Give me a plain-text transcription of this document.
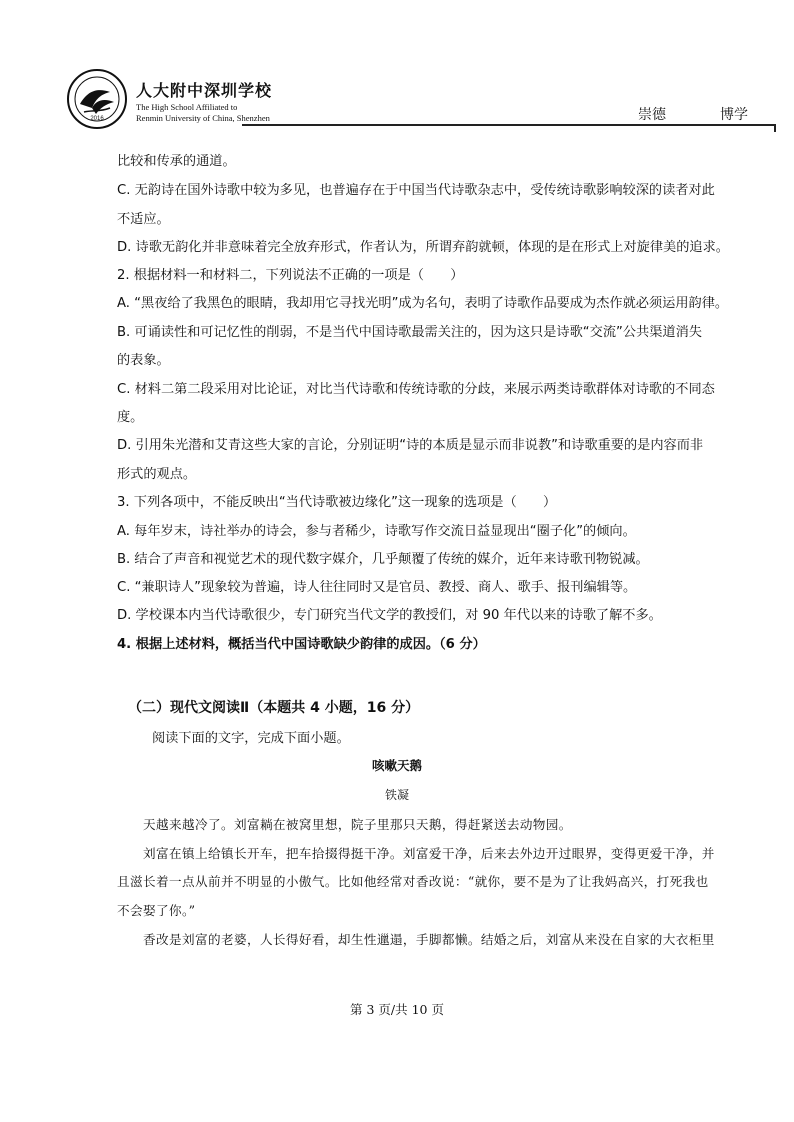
2016
人大附中深圳学校
The High School Affiliated to
Renmin University of China, Shenzhen	崇德	博学
比较和传承的通道。
C. 无韵诗在国外诗歌中较为多见，也普遍存在于中国当代诗歌杂志中，受传统诗歌影响较深的读者对此
不适应。
D. 诗歌无韵化并非意味着完全放弃形式，作者认为，所谓弃韵就顿，体现的是在形式上对旋律美的追求。
2. 根据材料一和材料二，下列说法不正确的一项是（　　）
A. “黑夜给了我黑色的眼睛，我却用它寻找光明”成为名句，表明了诗歌作品要成为杰作就必须运用韵律。
B. 可诵读性和可记忆性的削弱，不是当代中国诗歌最需关注的，因为这只是诗歌“交流”公共渠道消失
的表象。
C. 材料二第二段采用对比论证，对比当代诗歌和传统诗歌的分歧，来展示两类诗歌群体对诗歌的不同态
度。
D. 引用朱光潜和艾青这些大家的言论，分别证明“诗的本质是显示而非说教”和诗歌重要的是内容而非
形式的观点。
3. 下列各项中，不能反映出“当代诗歌被边缘化”这一现象的选项是（　　）
A. 每年岁末，诗社举办的诗会，参与者稀少，诗歌写作交流日益显现出“圈子化”的倾向。
B. 结合了声音和视觉艺术的现代数字媒介，几乎颠覆了传统的媒介，近年来诗歌刊物锐减。
C. “兼职诗人”现象较为普遍，诗人往往同时又是官员、教授、商人、歌手、报刊编辑等。
D. 学校课本内当代诗歌很少，专门研究当代文学的教授们，对 90 年代以来的诗歌了解不多。
4. 根据上述材料，概括当代中国诗歌缺少韵律的成因。（6 分）
（二）现代文阅读Ⅱ（本题共 4 小题，16 分）
阅读下面的文字，完成下面小题。
咳嗽天鹅
铁凝
天越来越冷了。刘富耥在被窝里想，院子里那只天鹅，得赶紧送去动物园。
刘富在镇上给镇长开车，把车拾掇得挺干净。刘富爱干净，后来去外边开过眼界，变得更爱干净，并
且滋长着一点从前并不明显的小傲气。比如他经常对香改说：“就你，要不是为了让我妈高兴，打死我也
不会娶了你。”
香改是刘富的老婆，人长得好看，却生性邋遢，手脚都懒。结婚之后，刘富从来没在自家的大衣柜里
第 3 页/共 10 页
